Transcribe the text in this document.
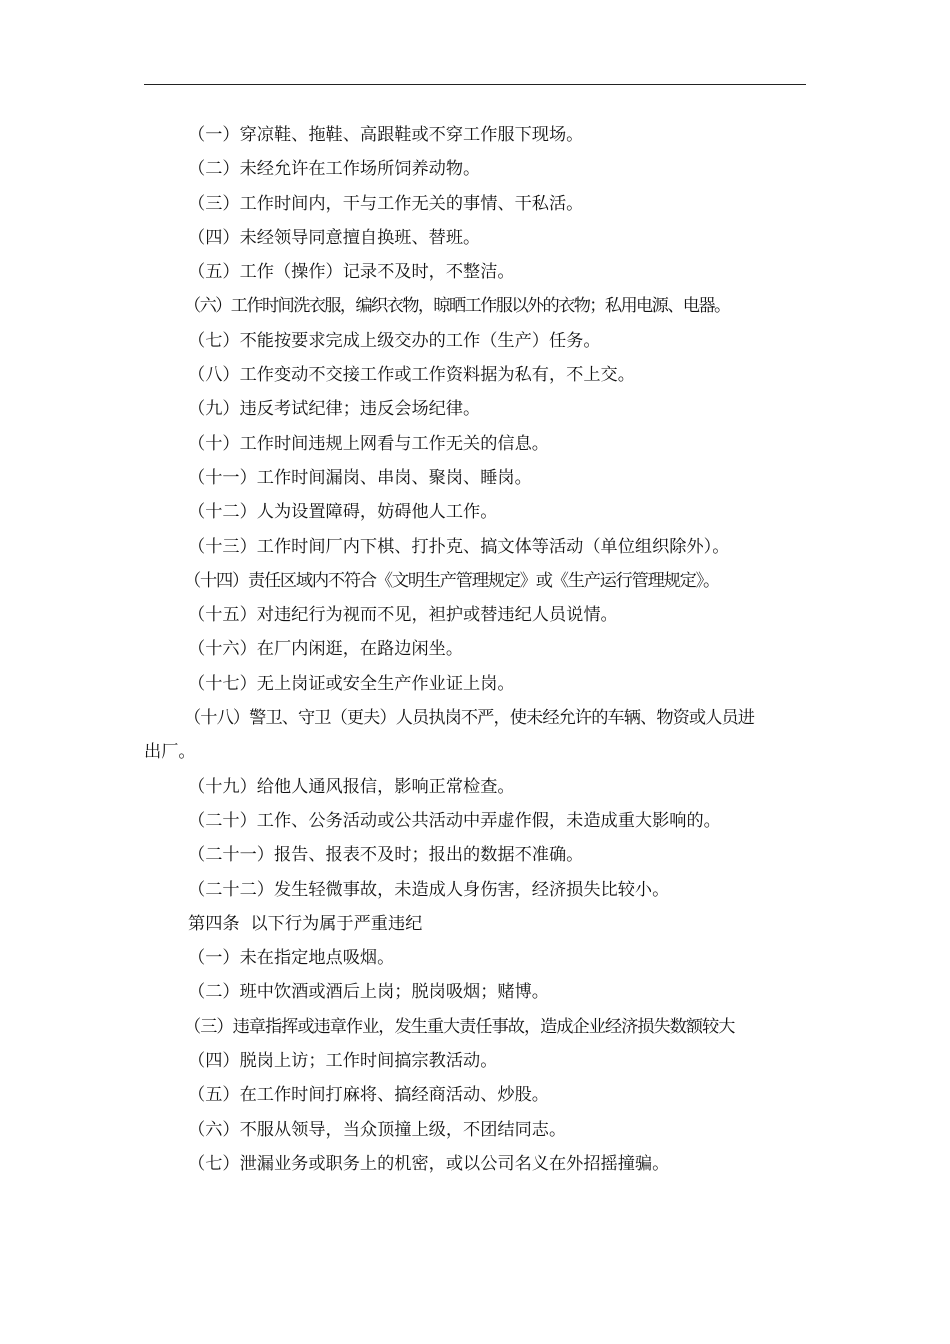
（一）穿凉鞋、拖鞋、高跟鞋或不穿工作服下现场。
（二）未经允许在工作场所饲养动物。
（三）工作时间内，干与工作无关的事情、干私活。
（四）未经领导同意擅自换班、替班。
（五）工作（操作）记录不及时，不整洁。
（六）工作时间洗衣服，编织衣物，晾晒工作服以外的衣物；私用电源、电器。
（七）不能按要求完成上级交办的工作（生产）任务。
（八）工作变动不交接工作或工作资料据为私有，不上交。
（九）违反考试纪律；违反会场纪律。
（十）工作时间违规上网看与工作无关的信息。
（十一）工作时间漏岗、串岗、聚岗、睡岗。
（十二）人为设置障碍，妨碍他人工作。
（十三）工作时间厂内下棋、打扑克、搞文体等活动（单位组织除外）。
（十四）责任区域内不符合《文明生产管理规定》或《生产运行管理规定》。
（十五）对违纪行为视而不见，袒护或替违纪人员说情。
（十六）在厂内闲逛，在路边闲坐。
（十七）无上岗证或安全生产作业证上岗。
（十八）警卫、守卫（更夫）人员执岗不严，使未经允许的车辆、物资或人员进
出厂。
（十九）给他人通风报信，影响正常检查。
（二十）工作、公务活动或公共活动中弄虚作假，未造成重大影响的。
（二十一）报告、报表不及时；报出的数据不准确。
（二十二）发生轻微事故，未造成人身伤害，经济损失比较小。
第四条  以下行为属于严重违纪
（一）未在指定地点吸烟。
（二）班中饮酒或酒后上岗；脱岗吸烟；赌博。
（三）违章指挥或违章作业，发生重大责任事故，造成企业经济损失数额较大
（四）脱岗上访；工作时间搞宗教活动。
（五）在工作时间打麻将、搞经商活动、炒股。
（六）不服从领导，当众顶撞上级，不团结同志。
（七）泄漏业务或职务上的机密，或以公司名义在外招摇撞骗。
